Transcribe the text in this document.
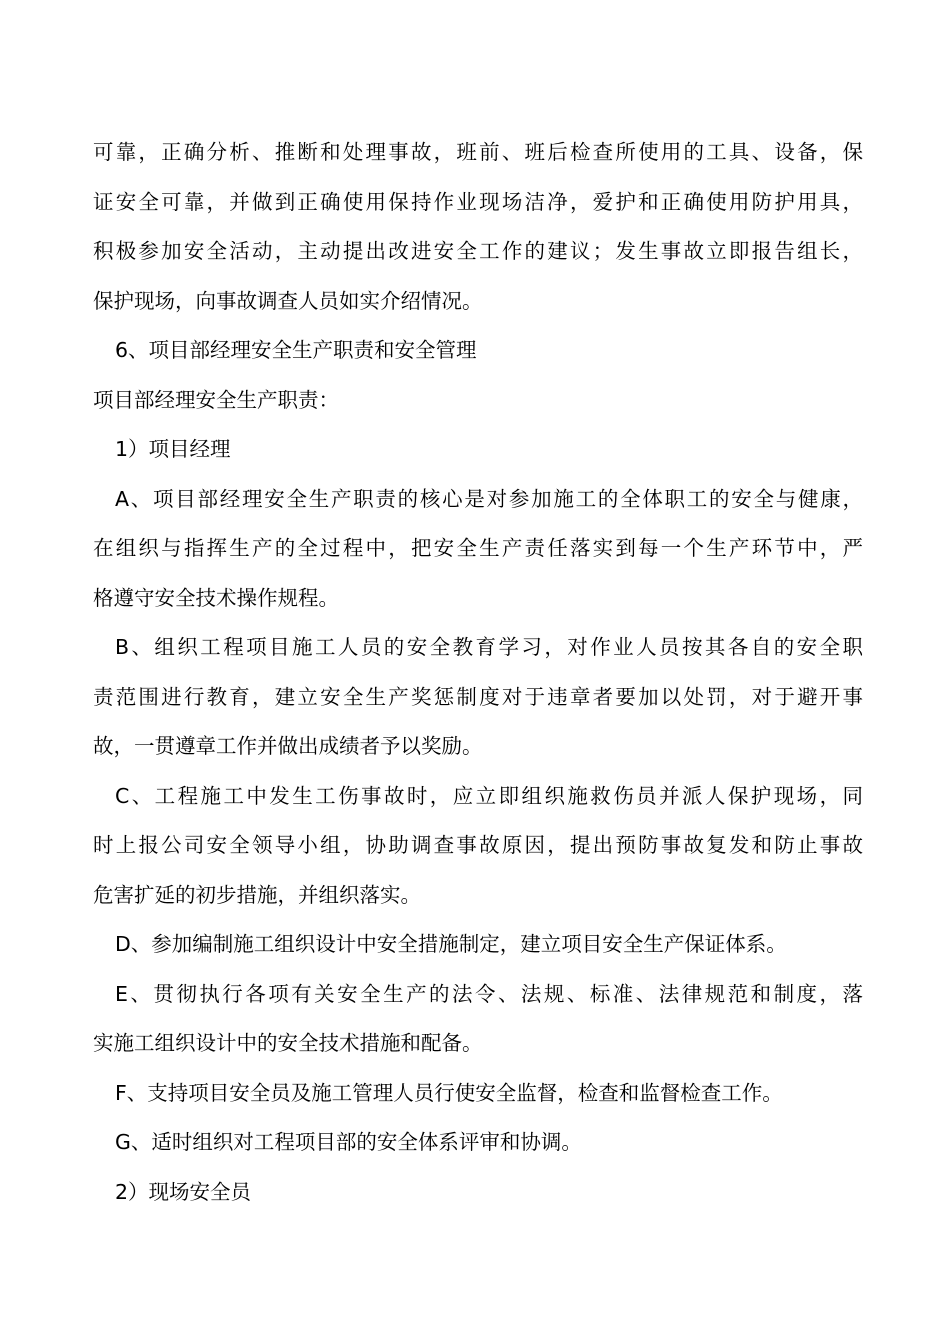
可靠，正确分析、推断和处理事故，班前、班后检查所使用的工具、设备，保
证安全可靠，并做到正确使用保持作业现场洁净，爱护和正确使用防护用具，
积极参加安全活动，主动提出改进安全工作的建议；发生事故立即报告组长，
保护现场，向事故调查人员如实介绍情况。
6、项目部经理安全生产职责和安全管理
项目部经理安全生产职责：
1）项目经理
A、项目部经理安全生产职责的核心是对参加施工的全体职工的安全与健康，
在组织与指挥生产的全过程中，把安全生产责任落实到每一个生产环节中，严
格遵守安全技术操作规程。
B、组织工程项目施工人员的安全教育学习，对作业人员按其各自的安全职
责范围进行教育，建立安全生产奖惩制度对于违章者要加以处罚，对于避开事
故，一贯遵章工作并做出成绩者予以奖励。
C、工程施工中发生工伤事故时，应立即组织施救伤员并派人保护现场，同
时上报公司安全领导小组，协助调查事故原因，提出预防事故复发和防止事故
危害扩延的初步措施，并组织落实。
D、参加编制施工组织设计中安全措施制定，建立项目安全生产保证体系。
E、贯彻执行各项有关安全生产的法令、法规、标准、法律规范和制度，落
实施工组织设计中的安全技术措施和配备。
F、支持项目安全员及施工管理人员行使安全监督，检查和监督检查工作。
G、适时组织对工程项目部的安全体系评审和协调。
2）现场安全员
